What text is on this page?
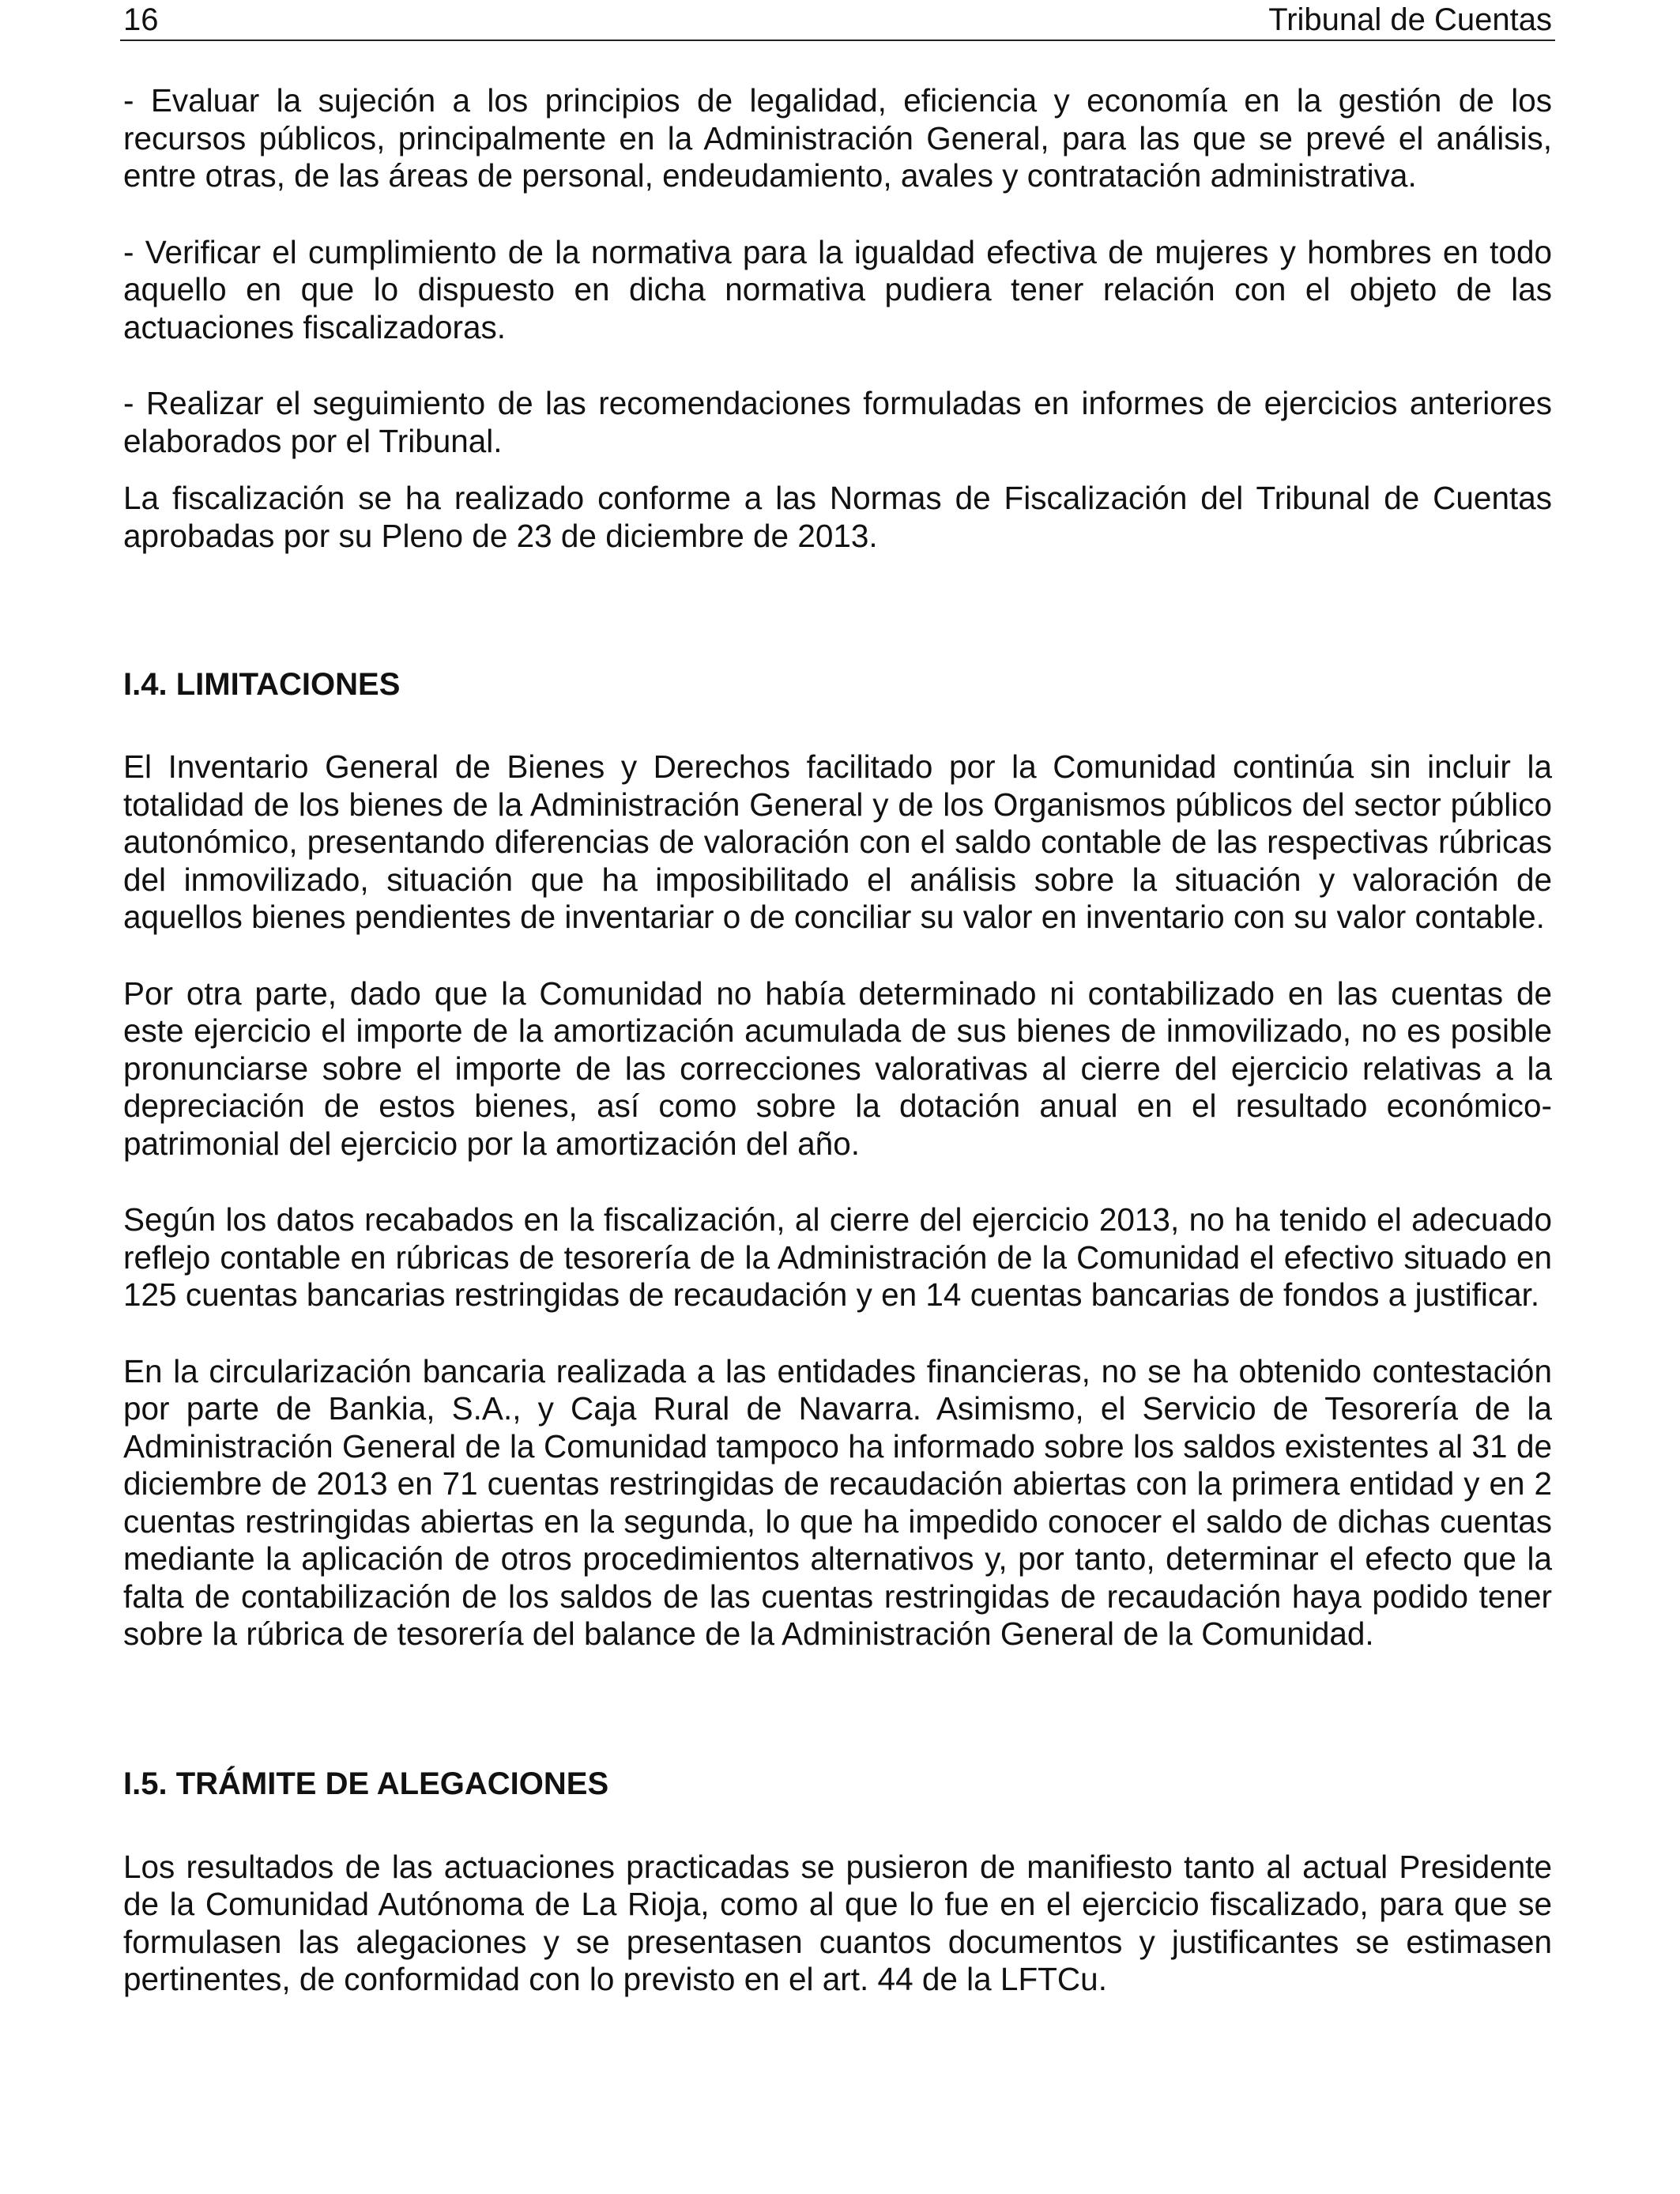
16	Tribunal de Cuentas

- Evaluar la sujeción a los principios de legalidad, eficiencia y economía en la gestión de los recursos públicos, principalmente en la Administración General, para las que se prevé el análisis, entre otras, de las áreas de personal, endeudamiento, avales y contratación administrativa.

- Verificar el cumplimiento de la normativa para la igualdad efectiva de mujeres y hombres en todo aquello en que lo dispuesto en dicha normativa pudiera tener relación con el objeto de las actuaciones fiscalizadoras.

- Realizar el seguimiento de las recomendaciones formuladas en informes de ejercicios anteriores elaborados por el Tribunal.

La fiscalización se ha realizado conforme a las Normas de Fiscalización del Tribunal de Cuentas aprobadas por su Pleno de 23 de diciembre de 2013.

I.4. LIMITACIONES

El Inventario General de Bienes y Derechos facilitado por la Comunidad continúa sin incluir la totalidad de los bienes de la Administración General y de los Organismos públicos del sector público autonómico, presentando diferencias de valoración con el saldo contable de las respectivas rúbricas del inmovilizado, situación que ha imposibilitado el análisis sobre la situación y valoración de aquellos bienes pendientes de inventariar o de conciliar su valor en inventario con su valor contable.

Por otra parte, dado que la Comunidad no había determinado ni contabilizado en las cuentas de este ejercicio el importe de la amortización acumulada de sus bienes de inmovilizado, no es posible pronunciarse sobre el importe de las correcciones valorativas al cierre del ejercicio relativas a la depreciación de estos bienes, así como sobre la dotación anual en el resultado económico-patrimonial del ejercicio por la amortización del año.

Según los datos recabados en la fiscalización, al cierre del ejercicio 2013, no ha tenido el adecuado reflejo contable en rúbricas de tesorería de la Administración de la Comunidad el efectivo situado en 125 cuentas bancarias restringidas de recaudación y en 14 cuentas bancarias de fondos a justificar.

En la circularización bancaria realizada a las entidades financieras, no se ha obtenido contestación por parte de Bankia, S.A., y Caja Rural de Navarra. Asimismo, el Servicio de Tesorería de la Administración General de la Comunidad tampoco ha informado sobre los saldos existentes al 31 de diciembre de 2013 en 71 cuentas restringidas de recaudación abiertas con la primera entidad y en 2 cuentas restringidas abiertas en la segunda, lo que ha impedido conocer el saldo de dichas cuentas mediante la aplicación de otros procedimientos alternativos y, por tanto, determinar el efecto que la falta de contabilización de los saldos de las cuentas restringidas de recaudación haya podido tener sobre la rúbrica de tesorería del balance de la Administración General de la Comunidad.

I.5. TRÁMITE DE ALEGACIONES

Los resultados de las actuaciones practicadas se pusieron de manifiesto tanto al actual Presidente de la Comunidad Autónoma de La Rioja, como al que lo fue en el ejercicio fiscalizado, para que se formulasen las alegaciones y se presentasen cuantos documentos y justificantes se estimasen pertinentes, de conformidad con lo previsto en el art. 44 de la LFTCu.
